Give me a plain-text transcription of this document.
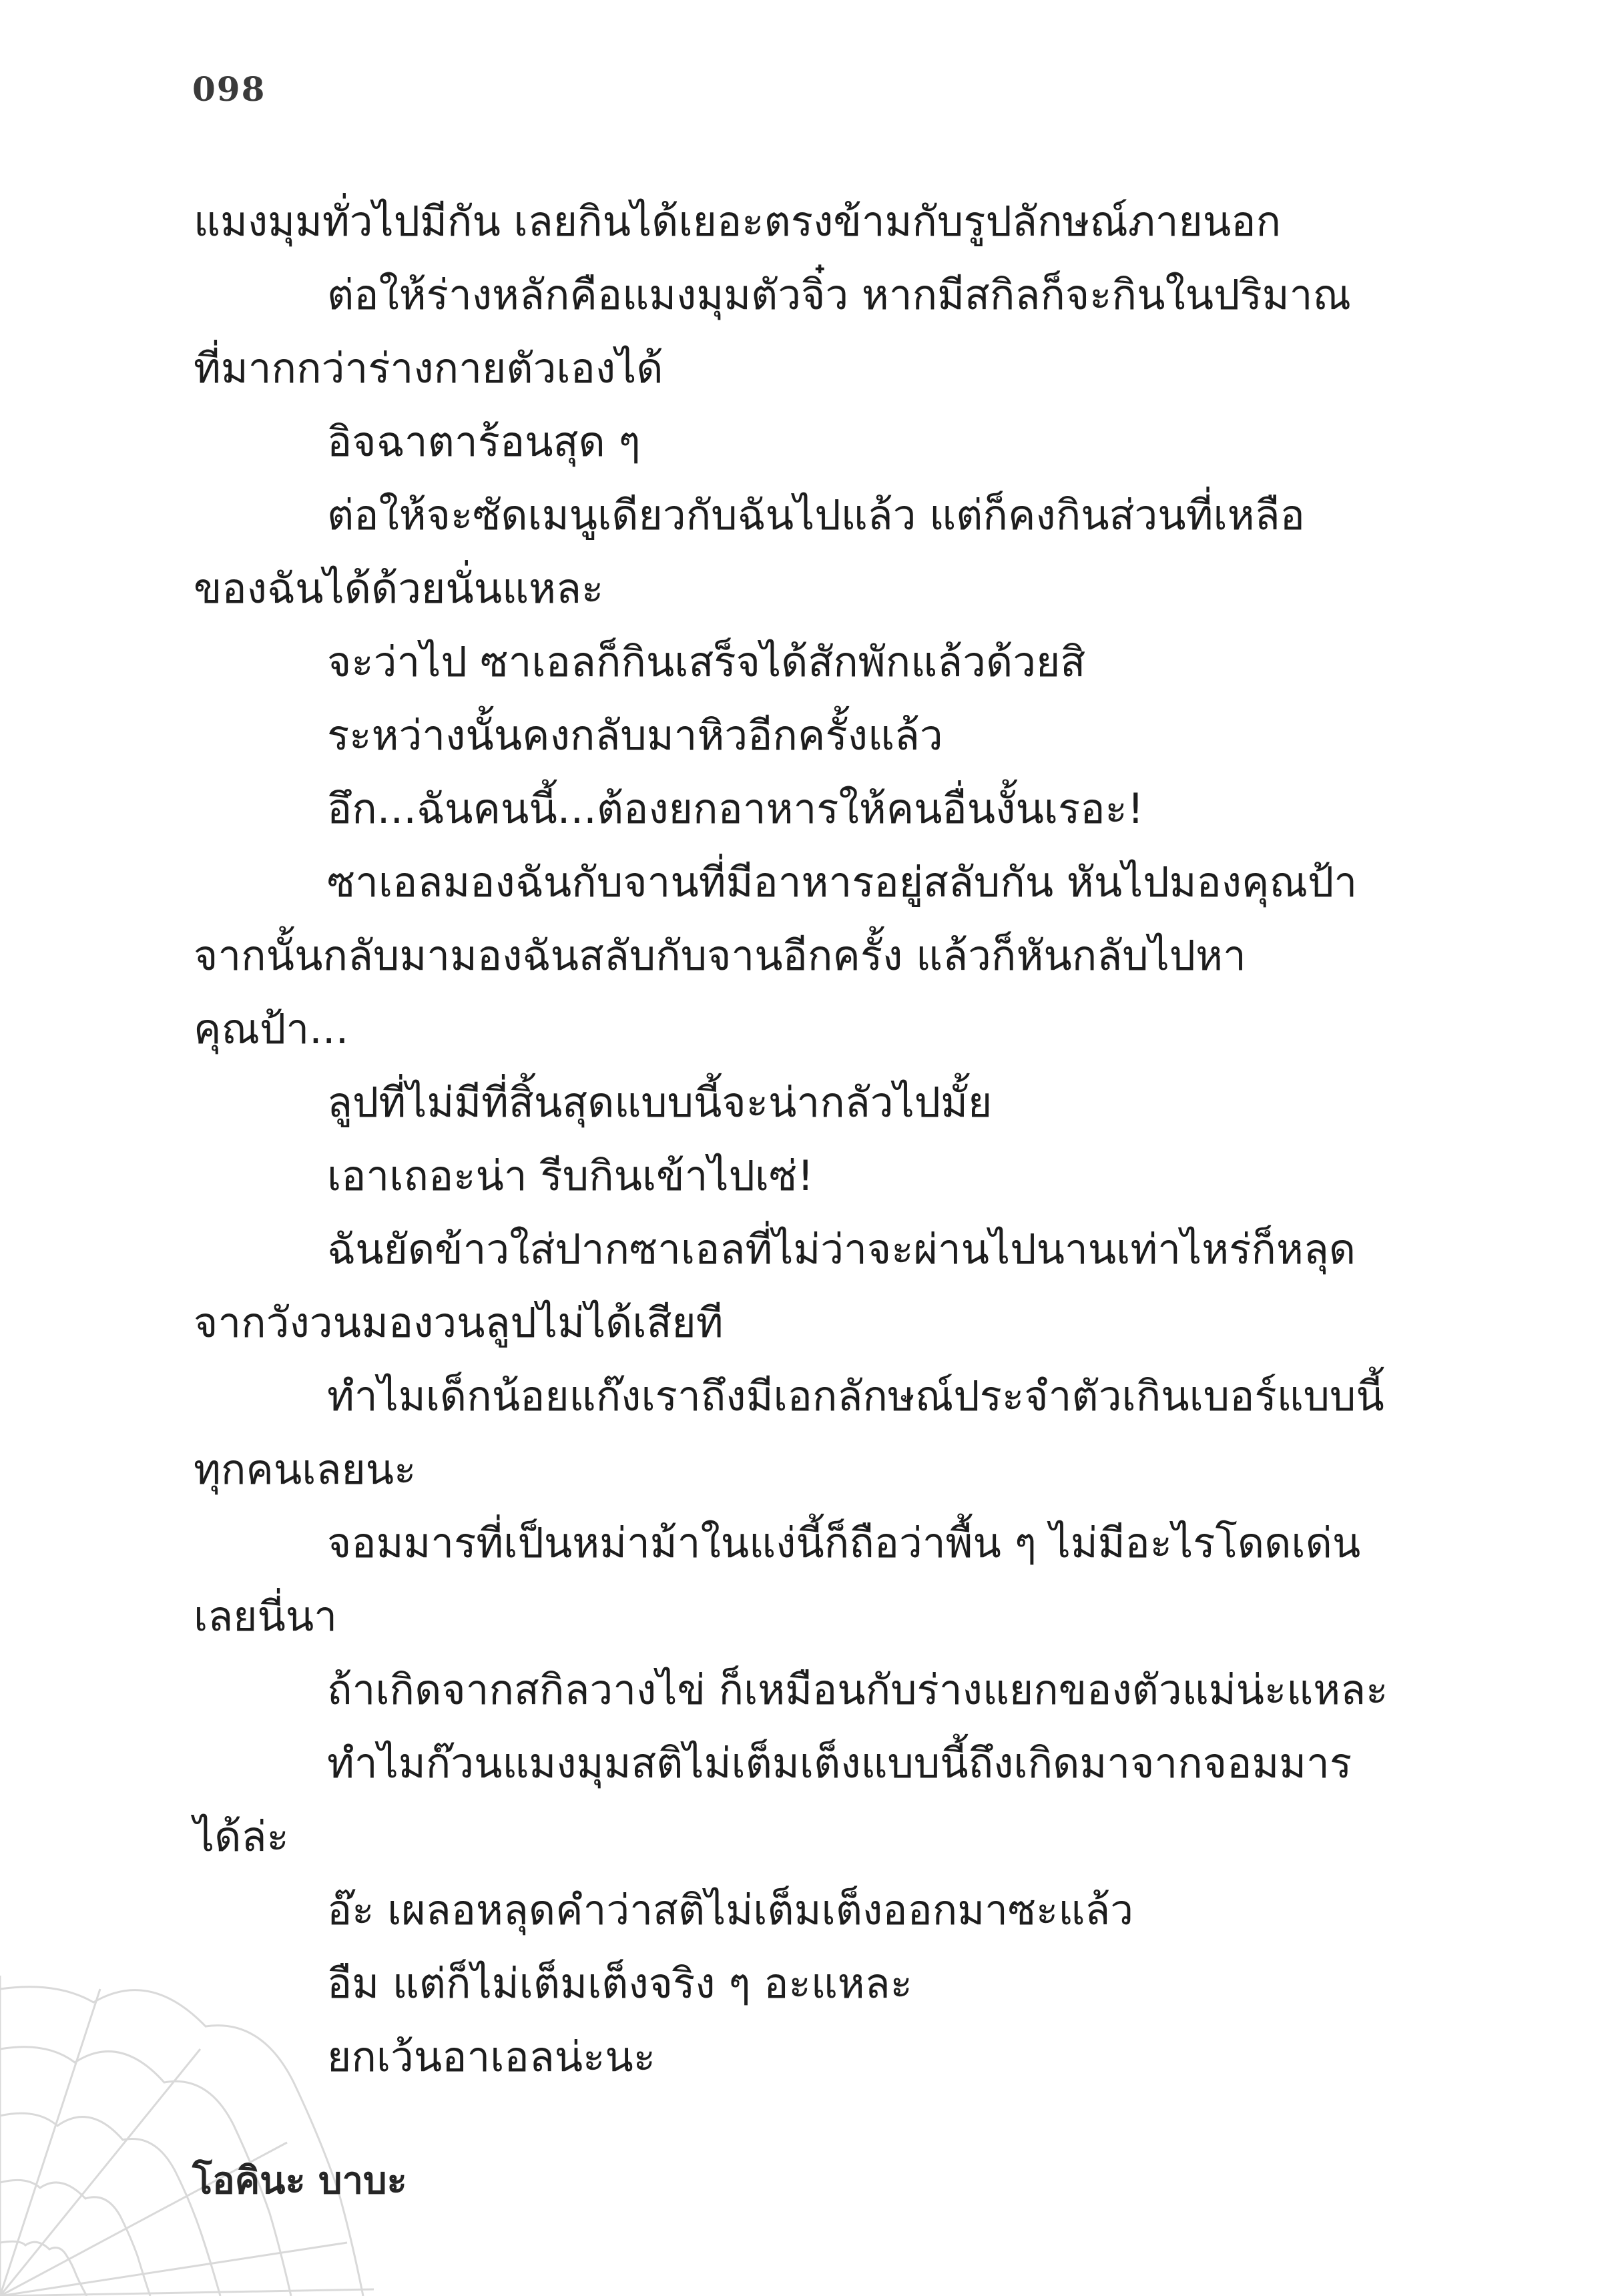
098
แมงมุมทั่วไปมีกัน เลยกินได้เยอะตรงข้ามกับรูปลักษณ์ภายนอก
ต่อให้ร่างหลักคือแมงมุมตัวจิ๋ว หากมีสกิลก็จะกินในปริมาณ
ที่มากกว่าร่างกายตัวเองได้
อิจฉาตาร้อนสุด ๆ
ต่อให้จะซัดเมนูเดียวกับฉันไปแล้ว แต่ก็คงกินส่วนที่เหลือ
ของฉันได้ด้วยนั่นแหละ
จะว่าไป ซาเอลก็กินเสร็จได้สักพักแล้วด้วยสิ
ระหว่างนั้นคงกลับมาหิวอีกครั้งแล้ว
อึก...ฉันคนนี้...ต้องยกอาหารให้คนอื่นงั้นเรอะ!
ซาเอลมองฉันกับจานที่มีอาหารอยู่สลับกัน หันไปมองคุณป้า
จากนั้นกลับมามองฉันสลับกับจานอีกครั้ง แล้วก็หันกลับไปหา
คุณป้า...
ลูปที่ไม่มีที่สิ้นสุดแบบนี้จะน่ากลัวไปมั้ย
เอาเถอะน่า รีบกินเข้าไปเซ่!
ฉันยัดข้าวใส่ปากซาเอลที่ไม่ว่าจะผ่านไปนานเท่าไหร่ก็หลุด
จากวังวนมองวนลูปไม่ได้เสียที
ทำไมเด็กน้อยแก๊งเราถึงมีเอกลักษณ์ประจำตัวเกินเบอร์แบบนี้
ทุกคนเลยนะ
จอมมารที่เป็นหม่าม้าในแง่นี้ก็ถือว่าพื้น ๆ ไม่มีอะไรโดดเด่น
เลยนี่นา
ถ้าเกิดจากสกิลวางไข่ ก็เหมือนกับร่างแยกของตัวแม่น่ะแหละ
ทำไมก๊วนแมงมุมสติไม่เต็มเต็งแบบนี้ถึงเกิดมาจากจอมมาร
ได้ล่ะ
อ๊ะ เผลอหลุดคำว่าสติไม่เต็มเต็งออกมาซะแล้ว
อืม แต่ก็ไม่เต็มเต็งจริง ๆ อะแหละ
ยกเว้นอาเอลน่ะนะ
โอคินะ บาบะ
